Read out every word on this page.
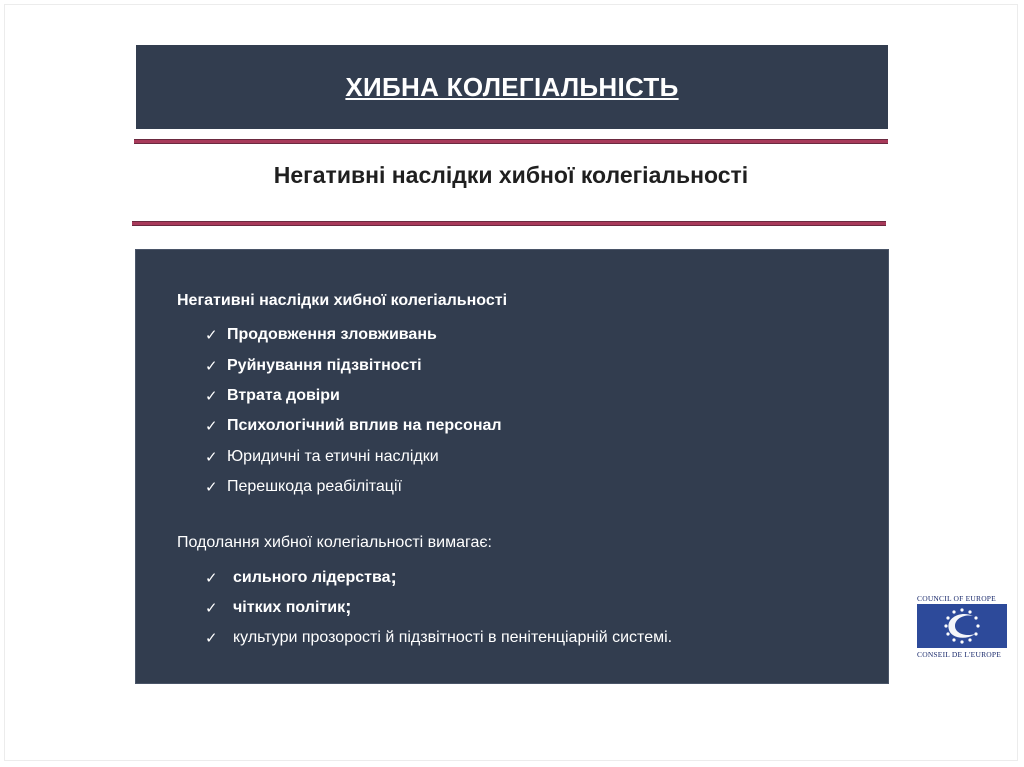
ХИБНА КОЛЕГІАЛЬНІСТЬ
Негативні наслідки хибної колегіальності
Негативні наслідки хибної колегіальності
✓ Продовження зловживань
✓ Руйнування підзвітності
✓ Втрата довіри
✓ Психологічний вплив на персонал
✓ Юридичні та етичні наслідки
✓ Перешкода реабілітації
Подолання хибної колегіальності вимагає:
✓ сильного лідерства ;
✓ чітких політик ;
✓ культури прозорості й підзвітності в пенітенціарній системі.
COUNCIL OF EUROPE
CONSEIL DE L'EUROPE
